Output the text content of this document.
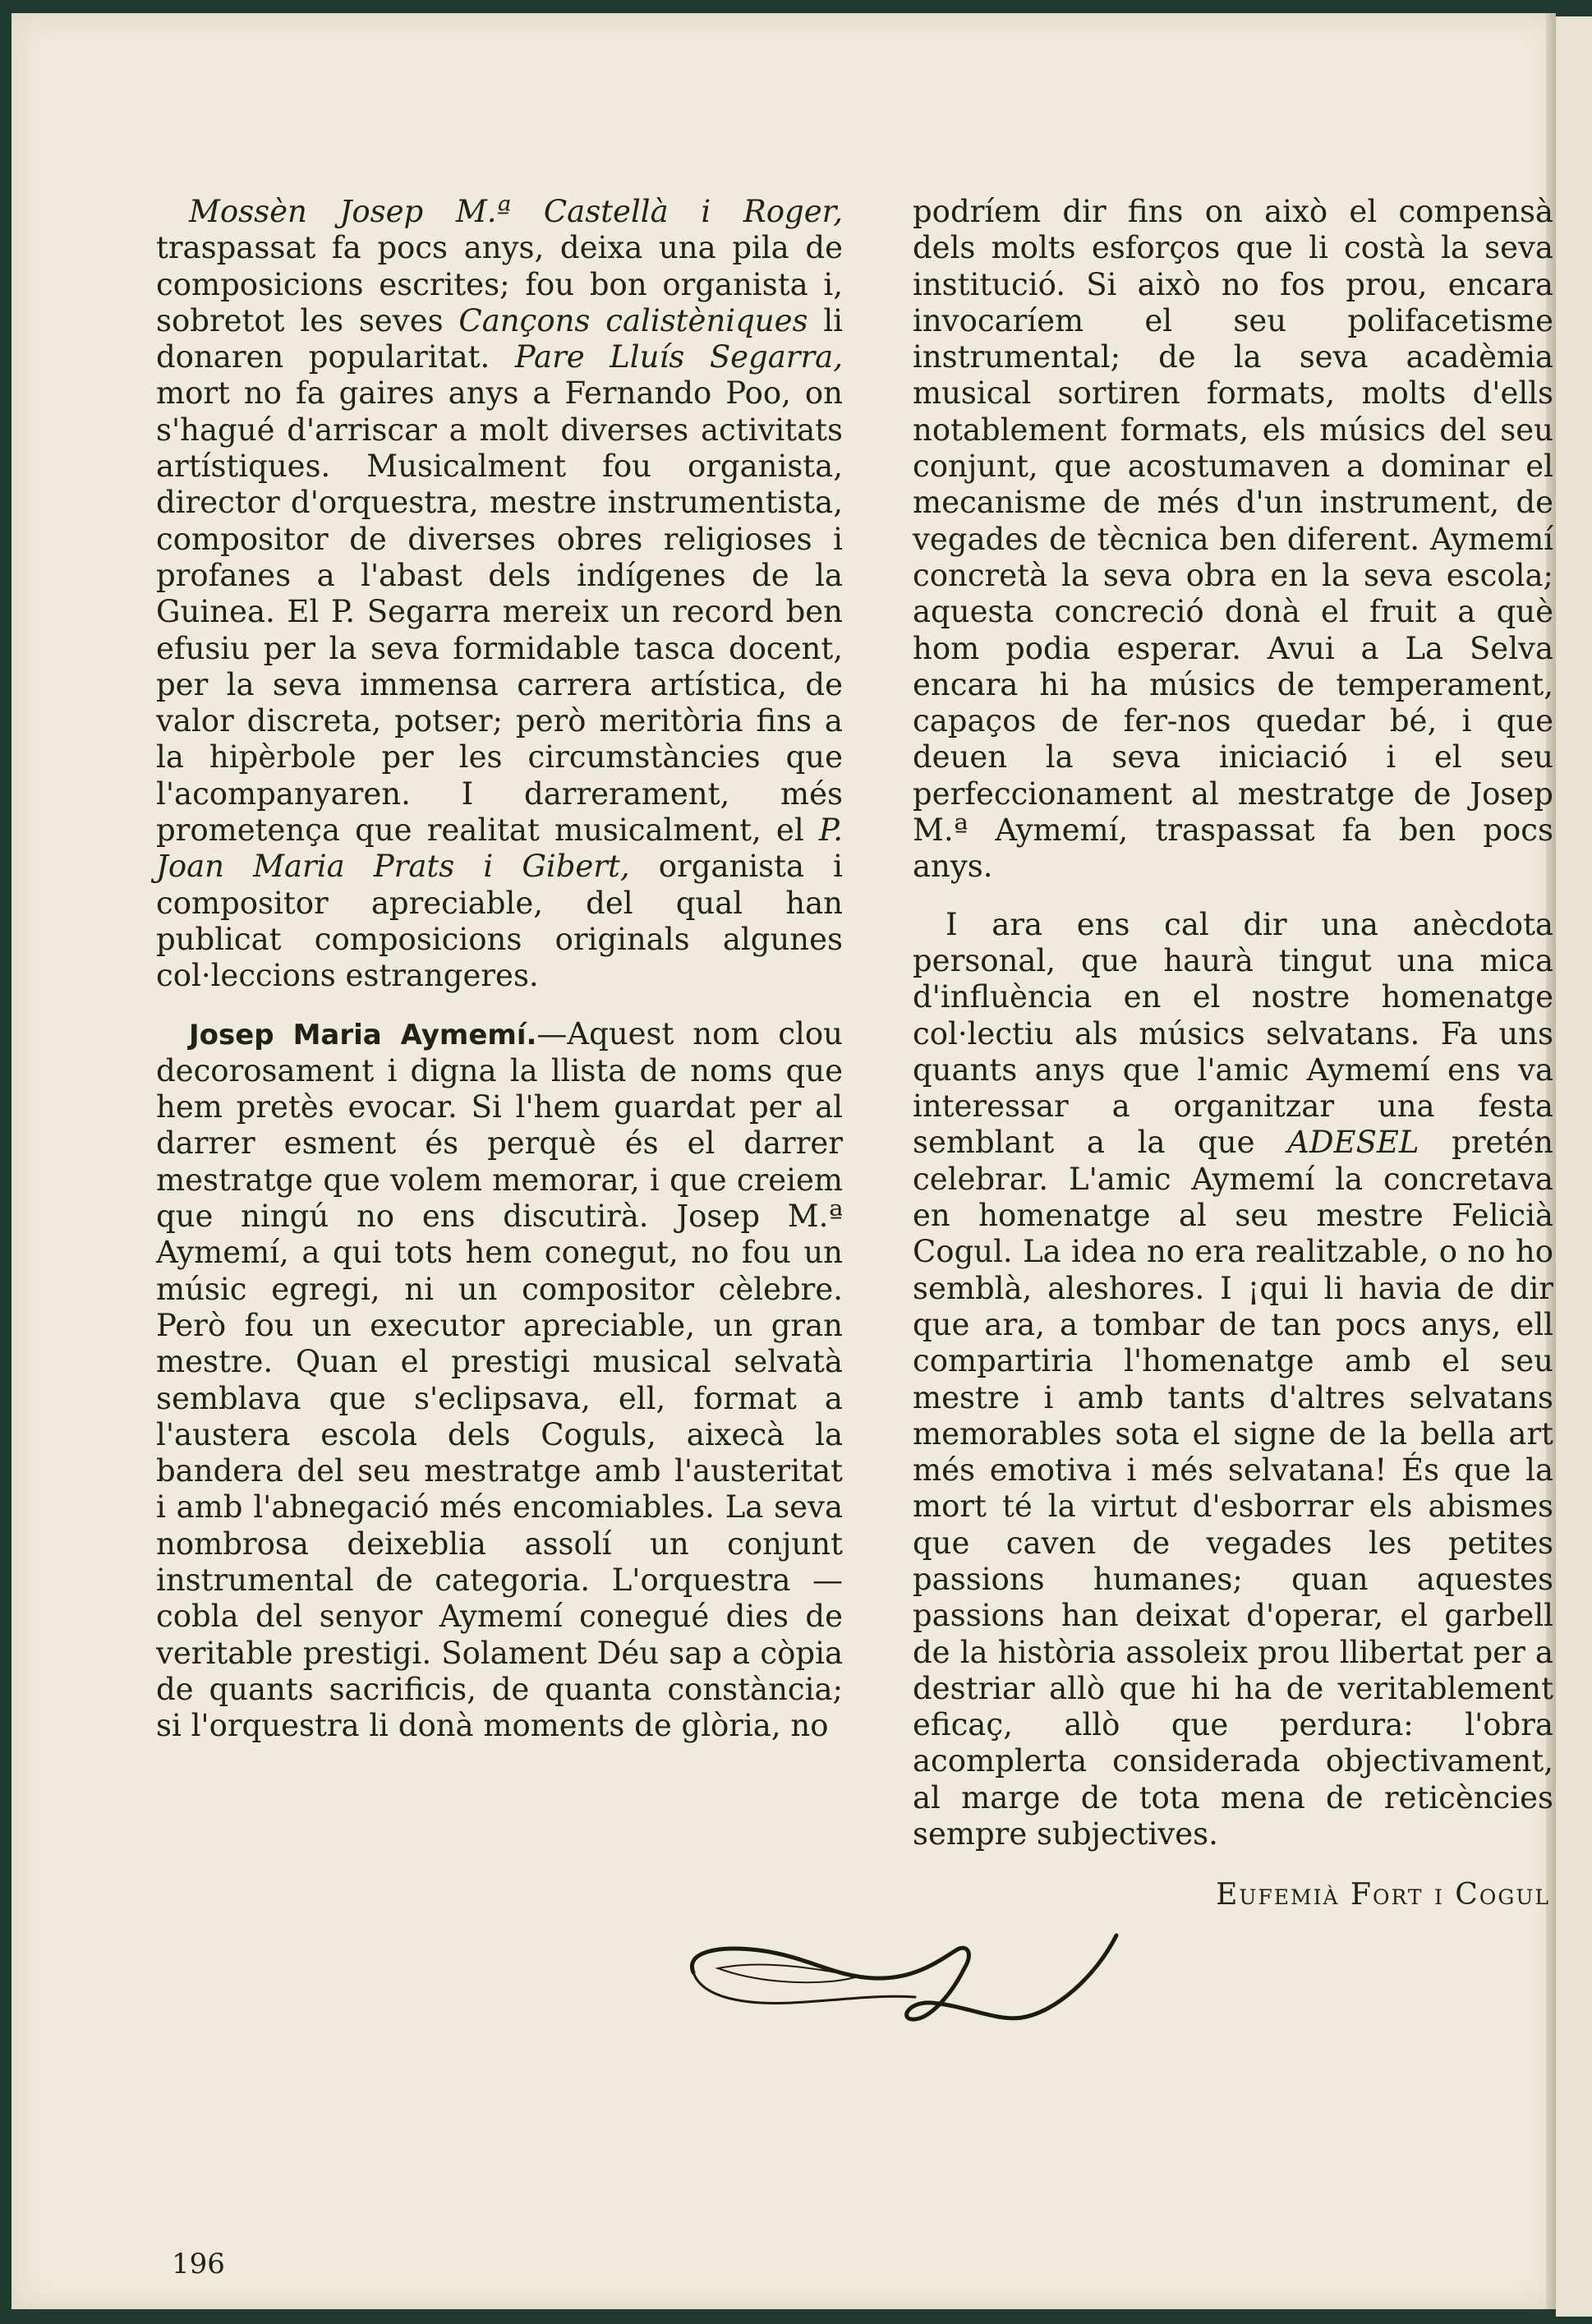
Mossèn Josep M.ª Castellà i Roger, traspassat fa pocs anys, deixa una pila de composicions escrites; fou bon organista i, sobretot les seves Cançons calistèniques li donaren popularitat. Pare Lluís Segarra, mort no fa gaires anys a Fernando Poo, on s'hagué d'arriscar a molt diverses activitats artístiques. Musicalment fou organista, director d'orquestra, mestre instrumentista, compositor de diverses obres religioses i profanes a l'abast dels indígenes de la Guinea. El P. Segarra mereix un record ben efusiu per la seva formidable tasca docent, per la seva immensa carrera artística, de valor discreta, potser; però meritòria fins a la hipèrbole per les circumstàncies que l'acompanyaren. I darrerament, més prometença que realitat musicalment, el P. Joan Maria Prats i Gibert, organista i compositor apreciable, del qual han publicat composicions originals algunes col·leccions estrangeres.

Josep Maria Aymemí.—Aquest nom clou decorosament i digna la llista de noms que hem pretès evocar. Si l'hem guardat per al darrer esment és perquè és el darrer mestratge que volem memorar, i que creiem que ningú no ens discutirà. Josep M.ª Aymemí, a qui tots hem conegut, no fou un músic egregi, ni un compositor cèlebre. Però fou un executor apreciable, un gran mestre. Quan el prestigi musical selvatà semblava que s'eclipsava, ell, format a l'austera escola dels Coguls, aixecà la bandera del seu mestratge amb l'austeritat i amb l'abnegació més encomiables. La seva nombrosa deixeblia assolí un conjunt instrumental de categoria. L'orquestra —cobla del senyor Aymemí conegué dies de veritable prestigi. Solament Déu sap a còpia de quants sacrificis, de quanta constància; si l'orquestra li donà moments de glòria, no

podríem dir fins on això el compensà dels molts esforços que li costà la seva institució. Si això no fos prou, encara invocaríem el seu polifacetisme instrumental; de la seva acadèmia musical sortiren formats, molts d'ells notablement formats, els músics del seu conjunt, que acostumaven a dominar el mecanisme de més d'un instrument, de vegades de tècnica ben diferent. Aymemí concretà la seva obra en la seva escola; aquesta concreció donà el fruit a què hom podia esperar. Avui a La Selva encara hi ha músics de temperament, capaços de fer-nos quedar bé, i que deuen la seva iniciació i el seu perfeccionament al mestratge de Josep M.ª Aymemí, traspassat fa ben pocs anys.

I ara ens cal dir una anècdota personal, que haurà tingut una mica d'influència en el nostre homenatge col·lectiu als músics selvatans. Fa uns quants anys que l'amic Aymemí ens va interessar a organitzar una festa semblant a la que ADESEL pretén celebrar. L'amic Aymemí la concretava en homenatge al seu mestre Felicià Cogul. La idea no era realitzable, o no ho semblà, aleshores. I ¡qui li havia de dir que ara, a tombar de tan pocs anys, ell compartiria l'homenatge amb el seu mestre i amb tants d'altres selvatans memorables sota el signe de la bella art més emotiva i més selvatana! És que la mort té la virtut d'esborrar els abismes que caven de vegades les petites passions humanes; quan aquestes passions han deixat d'operar, el garbell de la història assoleix prou llibertat per a destriar allò que hi ha de veritablement eficaç, allò que perdura: l'obra acomplerta considerada objectivament, al marge de tota mena de reticències sempre subjectives.

Eufemià Fort i Cogul
196
